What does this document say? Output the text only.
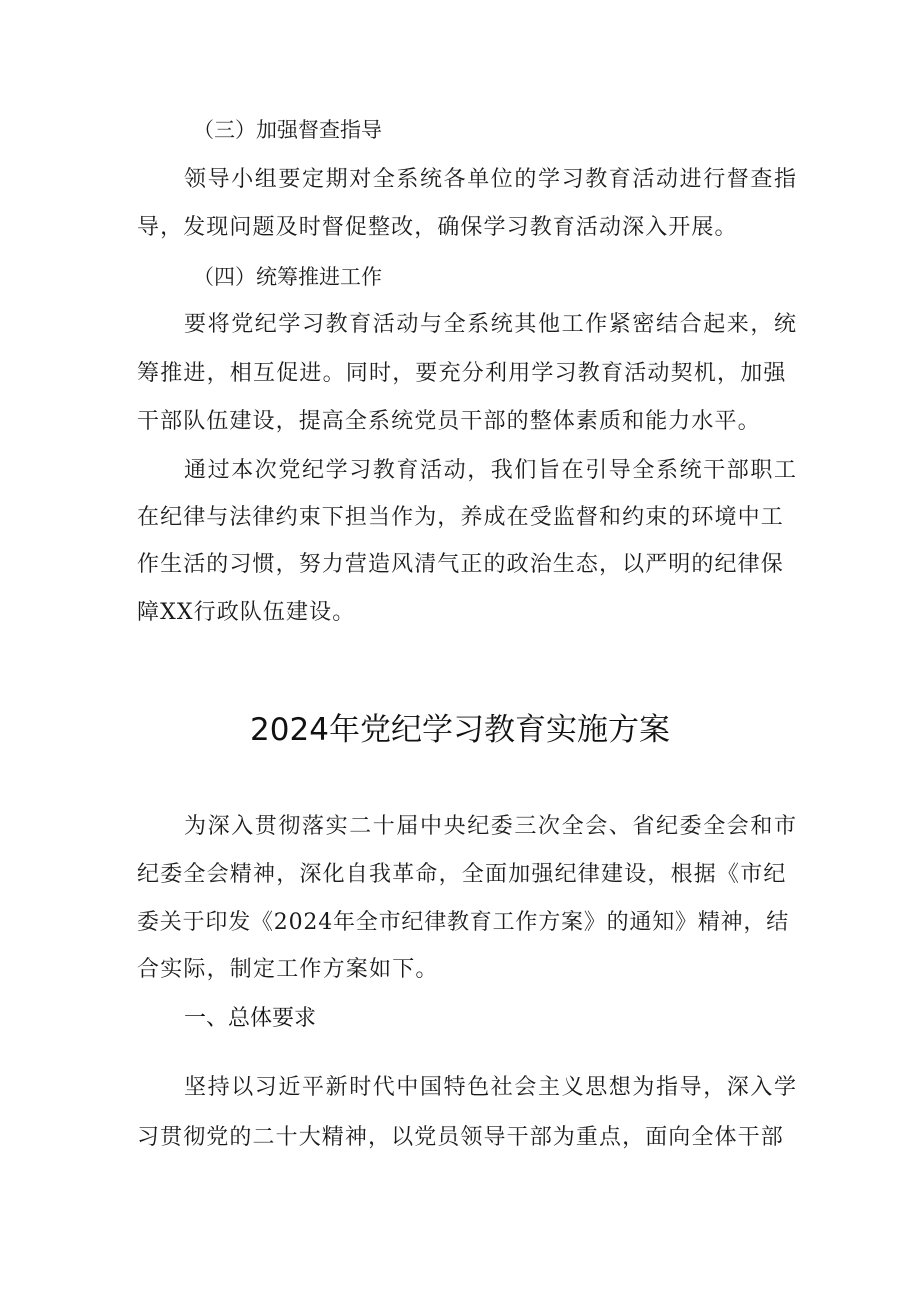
（三）加强督查指导
领导小组要定期对全系统各单位的学习教育活动进行督查指
导，发现问题及时督促整改，确保学习教育活动深入开展。
（四）统筹推进工作
要将党纪学习教育活动与全系统其他工作紧密结合起来，统
筹推进，相互促进。同时，要充分利用学习教育活动契机，加强
干部队伍建设，提高全系统党员干部的整体素质和能力水平。
通过本次党纪学习教育活动，我们旨在引导全系统干部职工
在纪律与法律约束下担当作为，养成在受监督和约束的环境中工
作生活的习惯，努力营造风清气正的政治生态，以严明的纪律保
障XX行政队伍建设。
2024年党纪学习教育实施方案
为深入贯彻落实二十届中央纪委三次全会、省纪委全会和市
纪委全会精神，深化自我革命，全面加强纪律建设，根据《市纪
委关于印发《2024年全市纪律教育工作方案》的通知》精神，结
合实际，制定工作方案如下。
一、总体要求
坚持以习近平新时代中国特色社会主义思想为指导，深入学
习贯彻党的二十大精神，以党员领导干部为重点，面向全体干部
